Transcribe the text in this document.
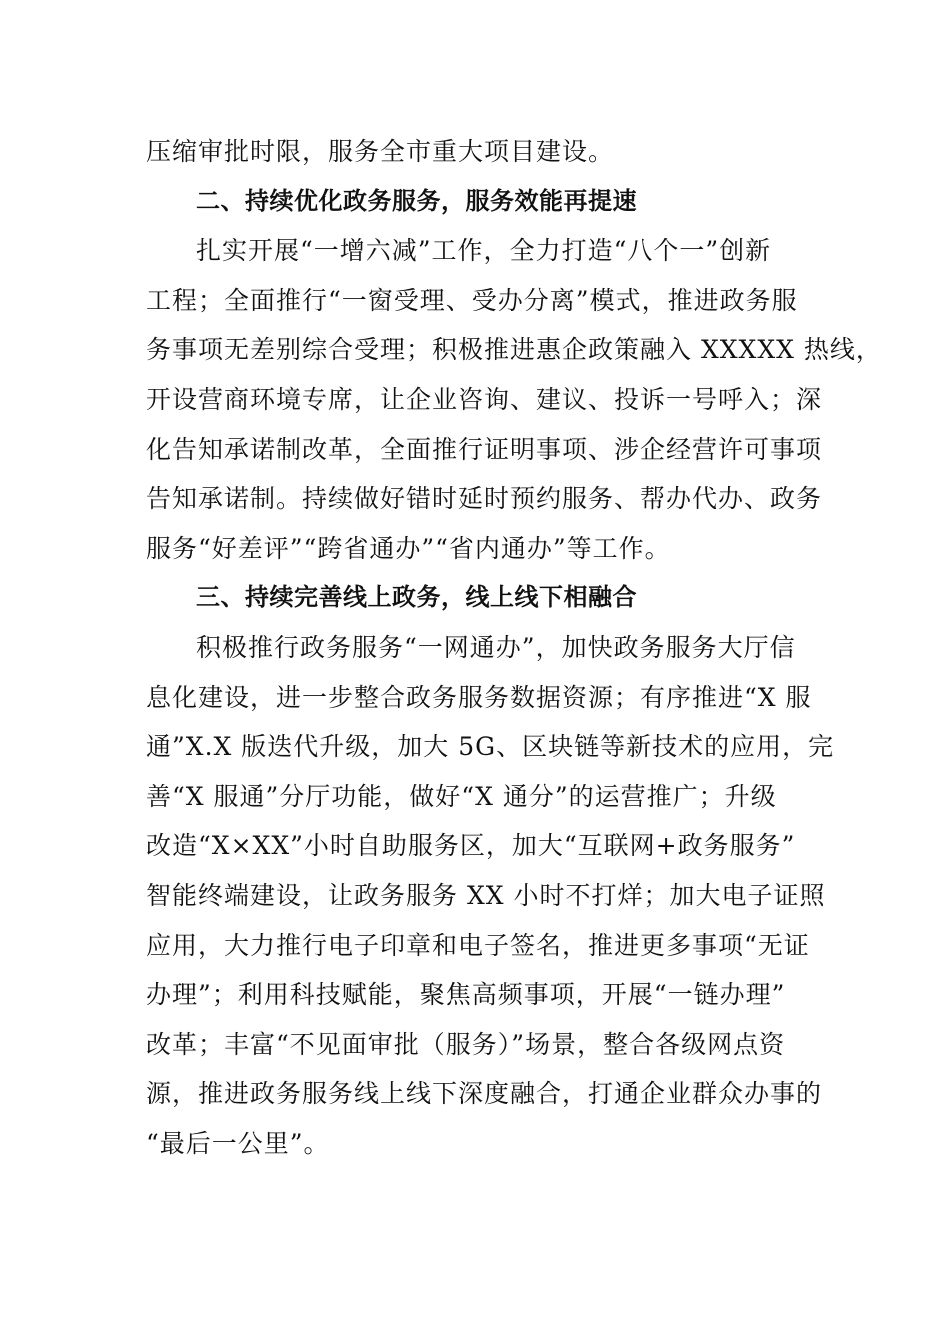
压缩审批时限，服务全市重大项目建设。
二、持续优化政务服务，服务效能再提速
扎实开展“一增六减”工作，全力打造“八个一”创新
工程；全面推行“一窗受理、受办分离”模式，推进政务服
务事项无差别综合受理；积极推进惠企政策融入 XXXXX 热线，
开设营商环境专席，让企业咨询、建议、投诉一号呼入；深
化告知承诺制改革，全面推行证明事项、涉企经营许可事项
告知承诺制。持续做好错时延时预约服务、帮办代办、政务
服务“好差评”“跨省通办”“省内通办”等工作。
三、持续完善线上政务，线上线下相融合
积极推行政务服务“一网通办”，加快政务服务大厅信
息化建设，进一步整合政务服务数据资源；有序推进“X 服
通”X.X 版迭代升级，加大 5G、区块链等新技术的应用，完
善“X 服通”分厅功能，做好“X 通分”的运营推广；升级
改造“X×XX”小时自助服务区，加大“互联网+政务服务”
智能终端建设，让政务服务 XX 小时不打烊；加大电子证照
应用，大力推行电子印章和电子签名，推进更多事项“无证
办理”；利用科技赋能，聚焦高频事项，开展“一链办理”
改革；丰富“不见面审批（服务）”场景，整合各级网点资
源，推进政务服务线上线下深度融合，打通企业群众办事的
“最后一公里”。
